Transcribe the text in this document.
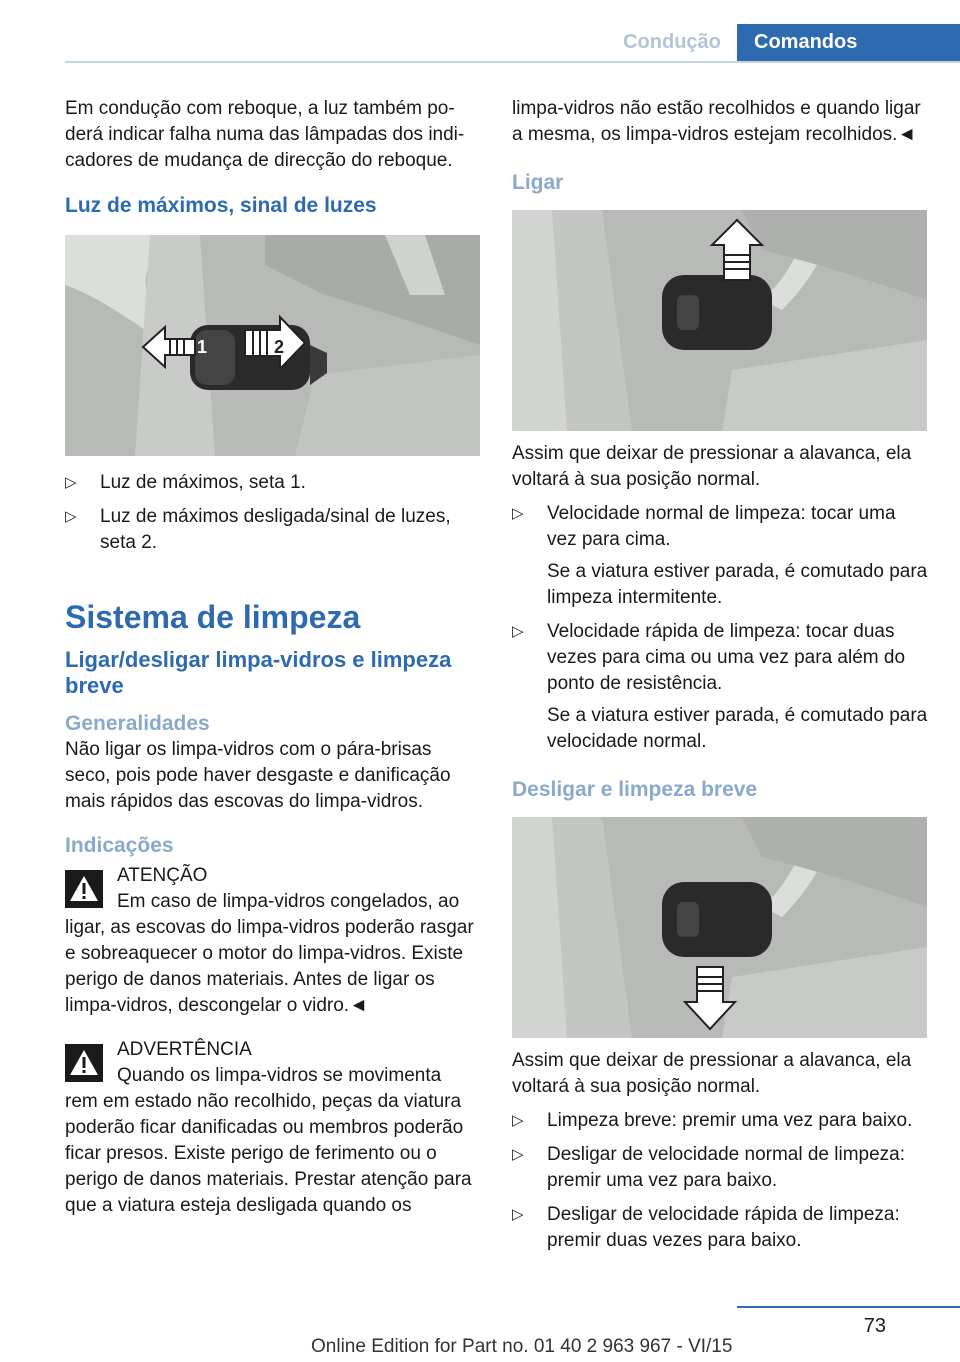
Condução	Comandos

Em condução com reboque, a luz também poderá indicar falha numa das lâmpadas dos indicadores de mudança de direcção do reboque.

Luz de máximos, sinal de luzes
1	2
▷	Luz de máximos, seta 1.
▷	Luz de máximos desligada/sinal de luzes, seta 2.
Sistema de limpeza
Ligar/desligar limpa-vidros e limpeza breve
Generalidades

Não ligar os limpa-vidros com o pára-brisas seco, pois pode haver desgaste e danificação mais rápidos das escovas do limpa-vidros.

Indicações
ATENÇÃO
Em caso de limpa-vidros congelados, ao
ligar, as escovas do limpa-vidros poderão rasgar e sobreaquecer o motor do limpa-vidros. Existe perigo de danos materiais. Antes de ligar os limpa-vidros, descongelar o vidro.◄
ADVERTÊNCIA
Quando os limpa-vidros se movimenta
rem em estado não recolhido, peças da viatura poderão ficar danificadas ou membros poderão ficar presos. Existe perigo de ferimento ou o perigo de danos materiais. Prestar atenção para que a viatura esteja desligada quando os

limpa-vidros não estão recolhidos e quando ligar a mesma, os limpa-vidros estejam recolhidos.◄

Ligar

Assim que deixar de pressionar a alavanca, ela voltará à sua posição normal.

▷	Velocidade normal de limpeza: tocar uma vez para cima.
Se a viatura estiver parada, é comutado para limpeza intermitente.
▷	Velocidade rápida de limpeza: tocar duas vezes para cima ou uma vez para além do ponto de resistência.
Se a viatura estiver parada, é comutado para velocidade normal.
Desligar e limpeza breve

Assim que deixar de pressionar a alavanca, ela voltará à sua posição normal.

▷	Limpeza breve: premir uma vez para baixo.
▷	Desligar de velocidade normal de limpeza: premir uma vez para baixo.
▷	Desligar de velocidade rápida de limpeza: premir duas vezes para baixo.
73
Online Edition for Part no. 01 40 2 963 967 - VI/15
